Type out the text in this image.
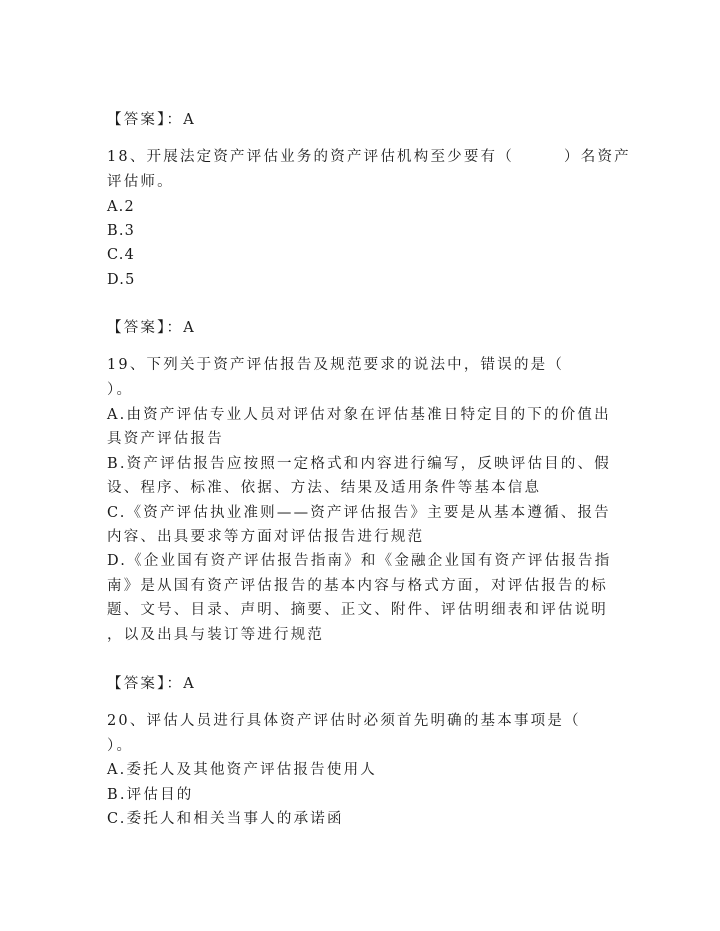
【答案】：A
18、开展法定资产评估业务的资产评估机构至少要有（　　　）名资产
评估师。
A.2
B.3
C.4
D.5
【答案】：A
19、下列关于资产评估报告及规范要求的说法中，错误的是（
）。
A.由资产评估专业人员对评估对象在评估基准日特定目的下的价值出
具资产评估报告
B.资产评估报告应按照一定格式和内容进行编写，反映评估目的、假
设、程序、标准、依据、方法、结果及适用条件等基本信息
C.《资产评估执业准则——资产评估报告》主要是从基本遵循、报告
内容、出具要求等方面对评估报告进行规范
D.《企业国有资产评估报告指南》和《金融企业国有资产评估报告指
南》是从国有资产评估报告的基本内容与格式方面，对评估报告的标
题、文号、目录、声明、摘要、正文、附件、评估明细表和评估说明
，以及出具与装订等进行规范
【答案】：A
20、评估人员进行具体资产评估时必须首先明确的基本事项是（
）。
A.委托人及其他资产评估报告使用人
B.评估目的
C.委托人和相关当事人的承诺函
